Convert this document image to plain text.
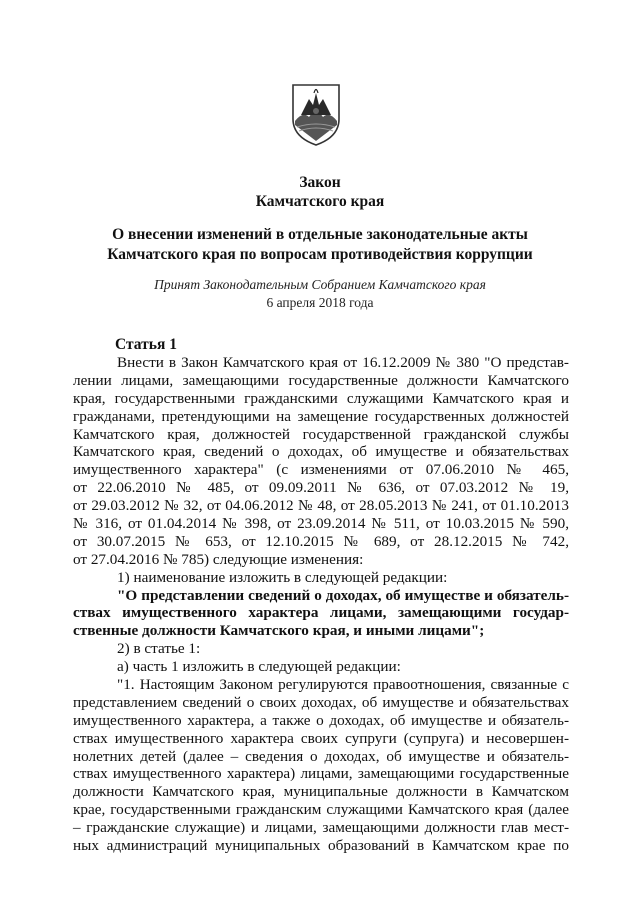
Закон
Камчатского края
О внесении изменений в отдельные законодательные акты
Камчатского края по вопросам противодействия коррупции
Принят Законодательным Собранием Камчатского края
6 апреля 2018 года
Статья 1
Внести в Закон Камчатского края от 16.12.2009 № 380 "О представ-
лении лицами, замещающими государственные должности Камчатского
края, государственными гражданскими служащими Камчатского края и
гражданами, претендующими на замещение государственных должностей
Камчатского края, должностей государственной гражданской службы
Камчатского края, сведений о доходах, об имуществе и обязательствах
имущественного характера" (с изменениями от 07.06.2010 № 465,
от 22.06.2010 № 485, от 09.09.2011 № 636, от 07.03.2012 № 19,
от 29.03.2012 № 32, от 04.06.2012 № 48, от 28.05.2013 № 241, от 01.10.2013
№ 316, от 01.04.2014 № 398, от 23.09.2014 № 511, от 10.03.2015 № 590,
от 30.07.2015 № 653, от 12.10.2015 № 689, от 28.12.2015 № 742,
от 27.04.2016 № 785) следующие изменения:
1) наименование изложить в следующей редакции:
"О представлении сведений о доходах, об имуществе и обязатель-
ствах имущественного характера лицами, замещающими государ-
ственные должности Камчатского края, и иными лицами";
2) в статье 1:
а) часть 1 изложить в следующей редакции:
"1. Настоящим Законом регулируются правоотношения, связанные с
представлением сведений о своих доходах, об имуществе и обязательствах
имущественного характера, а также о доходах, об имуществе и обязатель-
ствах имущественного характера своих супруги (супруга) и несовершен-
нолетних детей (далее – сведения о доходах, об имуществе и обязатель-
ствах имущественного характера) лицами, замещающими государственные
должности Камчатского края, муниципальные должности в Камчатском
крае, государственными гражданским служащими Камчатского края (далее
– гражданские служащие) и лицами, замещающими должности глав мест-
ных администраций муниципальных образований в Камчатском крае по
